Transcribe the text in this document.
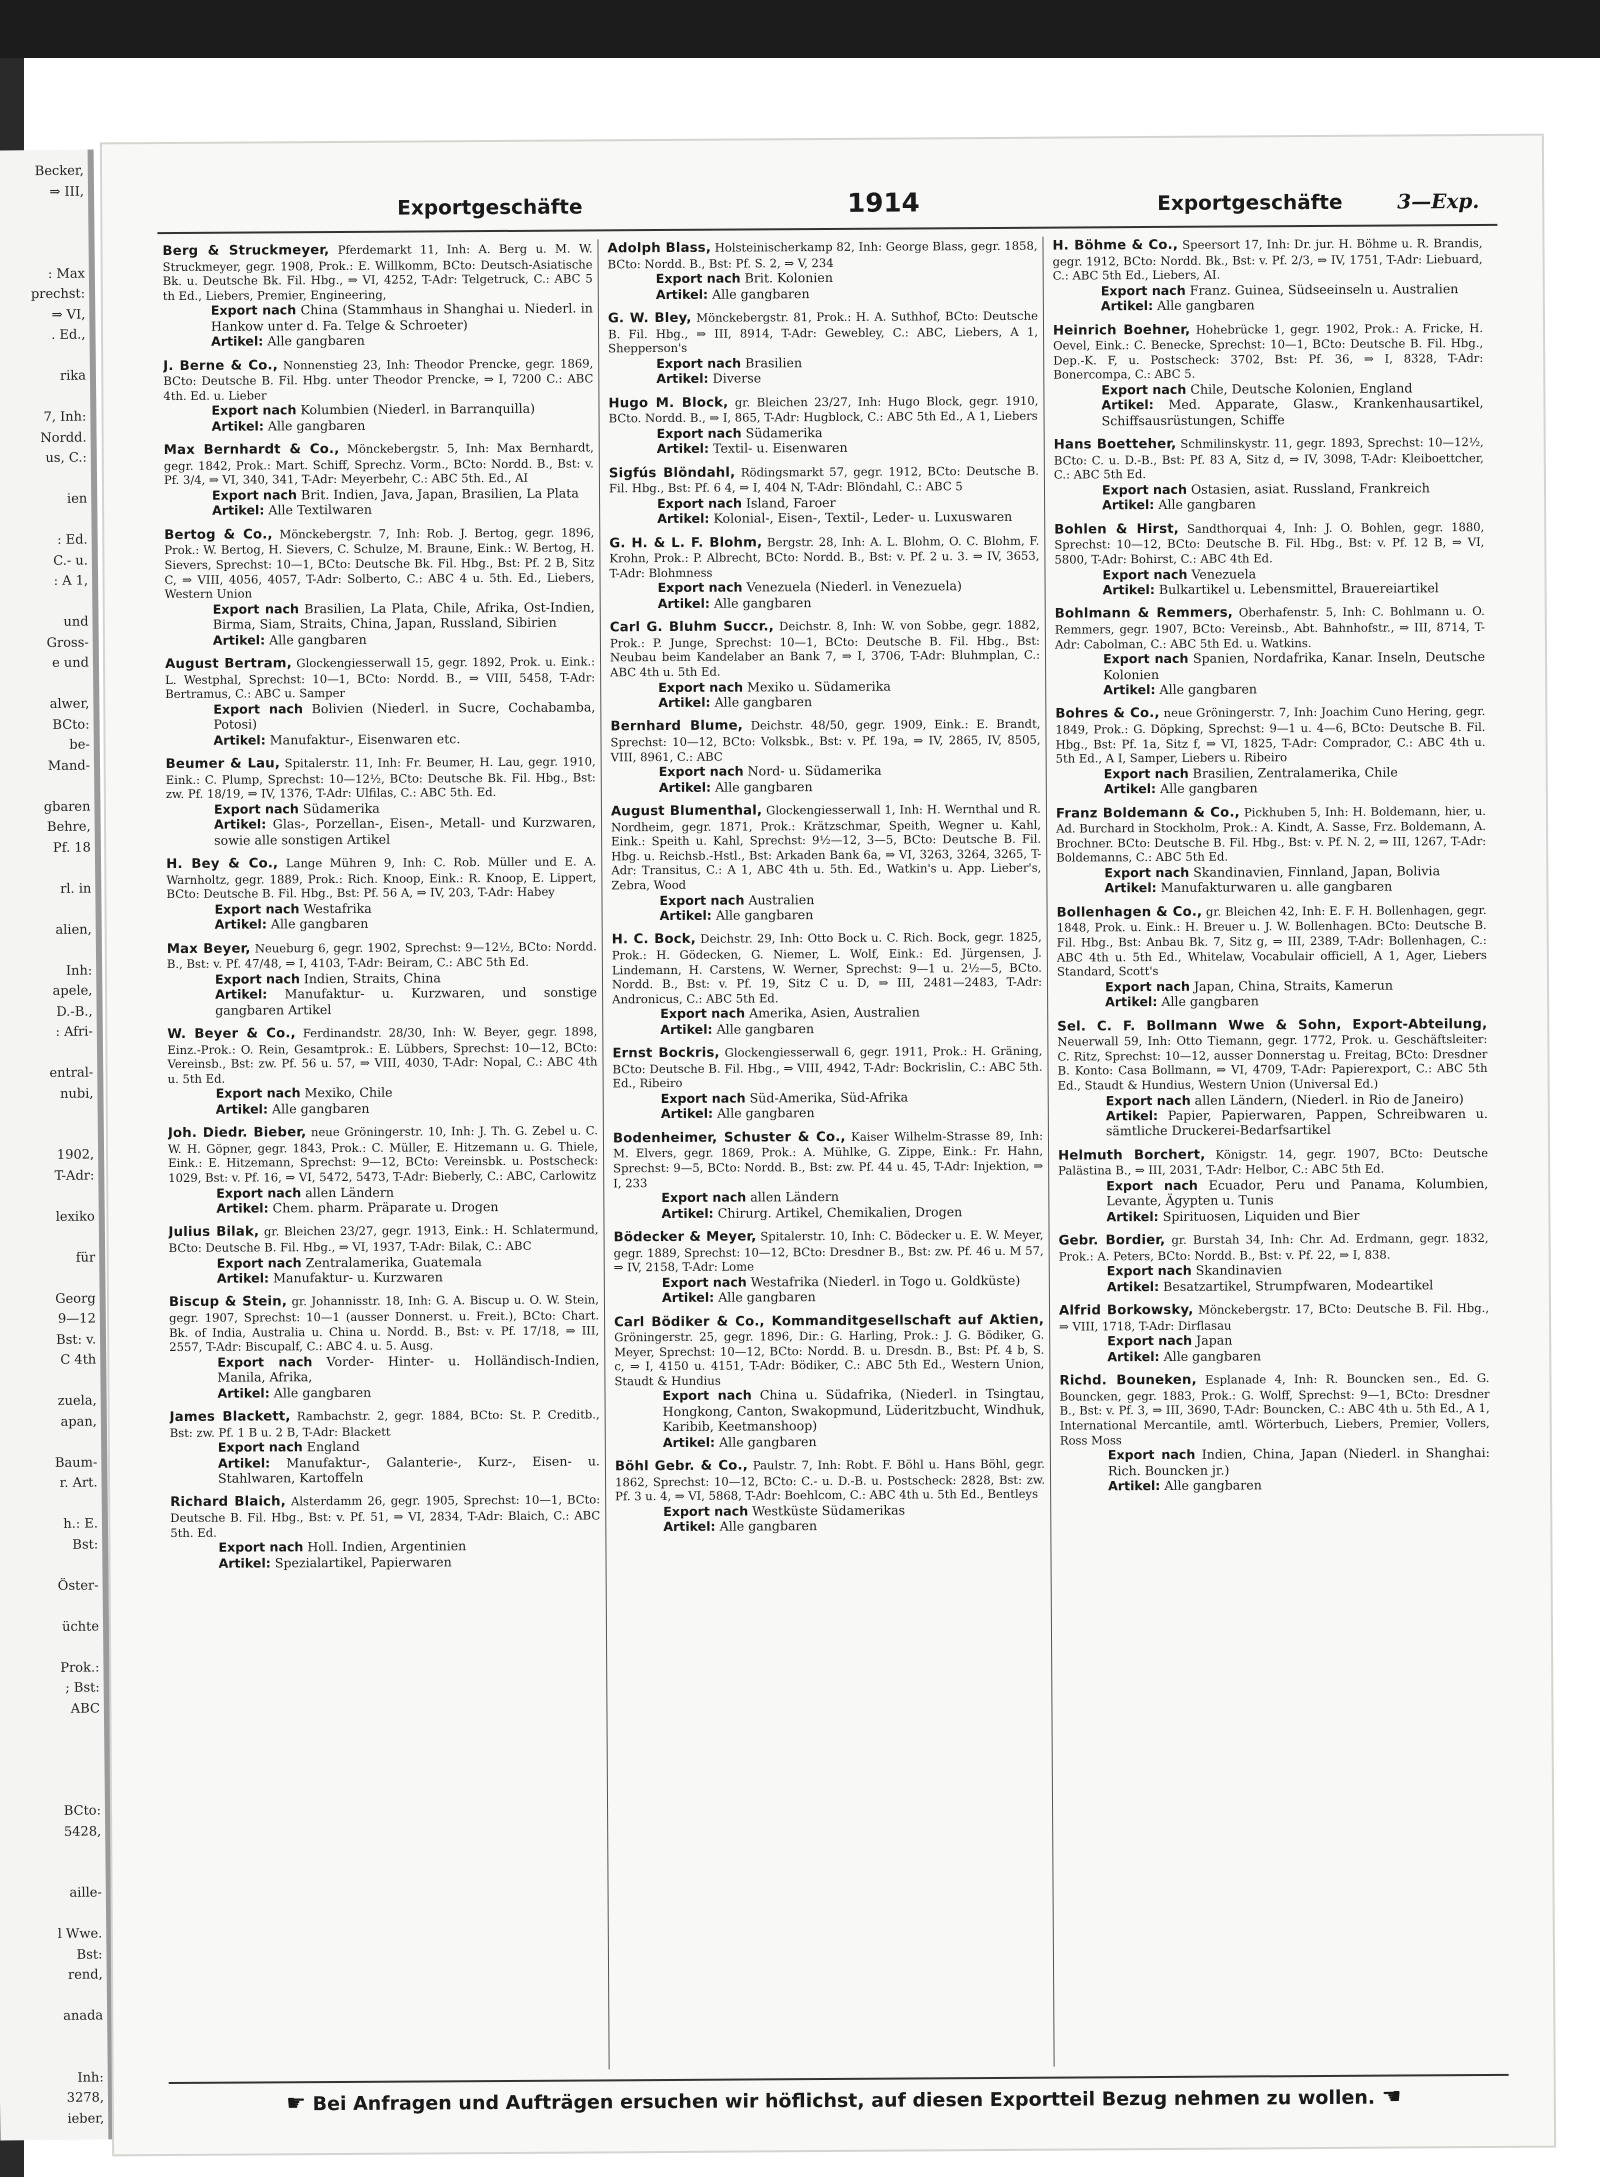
Becker,
⇒ III,
: Max
prechst:
⇒ VI,
. Ed.,
rika
7, Inh:
Nordd.
us, C.:
ien
: Ed.
C.- u.
: A 1,
und
Gross-
e und
alwer,
BCto:
be-
Mand-
gbaren
Behre,
Pf. 18
rl. in
alien,
Inh:
apele,
D.-B.,
: Afri-
entral-
nubi,
1902,
T-Adr:
lexiko
für
Georg
9—12
Bst: v.
C 4th
zuela,
apan,
Baum-
r. Art.
h.: E.
Bst:
Öster-
üchte
Prok.:
; Bst:
ABC
BCto:
5428,
aille-
l Wwe.
Bst:
rend,
anada
Inh:
3278,
ieber,
Exportgeschäfte	1914	Exportgeschäfte	3—Exp.
Berg & Struckmeyer, Pferdemarkt 11, Inh: A. Berg u. M. W. Struckmeyer, gegr. 1908, Prok.: E. Willkomm, BCto: Deutsch-Asiatische Bk. u. Deutsche Bk. Fil. Hbg., ⇒ VI, 4252, T-Adr: Telgetruck, C.: ABC 5 th Ed., Liebers, Premier, Engineering,
Export nach China (Stammhaus in Shanghai u. Niederl. in Hankow unter d. Fa. Telge & Schroeter)
Artikel: Alle gangbaren
J. Berne & Co., Nonnenstieg 23, Inh: Theodor Prencke, gegr. 1869, BCto: Deutsche B. Fil. Hbg. unter Theodor Prencke, ⇒ I, 7200 C.: ABC 4th. Ed. u. Lieber
Export nach Kolumbien (Niederl. in Barranquilla)
Artikel: Alle gangbaren
Max Bernhardt & Co., Mönckebergstr. 5, Inh: Max Bernhardt, gegr. 1842, Prok.: Mart. Schiff, Sprechz. Vorm., BCto: Nordd. B., Bst: v. Pf. 3/4, ⇒ VI, 340, 341, T-Adr: Meyerbehr, C.: ABC 5th. Ed., AI
Export nach Brit. Indien, Java, Japan, Brasilien, La Plata
Artikel: Alle Textilwaren
Bertog & Co., Mönckebergstr. 7, Inh: Rob. J. Bertog, gegr. 1896, Prok.: W. Bertog, H. Sievers, C. Schulze, M. Braune, Eink.: W. Bertog, H. Sievers, Sprechst: 10—1, BCto: Deutsche Bk. Fil. Hbg., Bst: Pf. 2 B, Sitz C, ⇒ VIII, 4056, 4057, T-Adr: Solberto, C.: ABC 4 u. 5th. Ed., Liebers, Western Union
Export nach Brasilien, La Plata, Chile, Afrika, Ost-Indien, Birma, Siam, Straits, China, Japan, Russland, Sibirien
Artikel: Alle gangbaren
August Bertram, Glockengiesserwall 15, gegr. 1892, Prok. u. Eink.: L. Westphal, Sprechst: 10—1, BCto: Nordd. B., ⇒ VIII, 5458, T-Adr: Bertramus, C.: ABC u. Samper
Export nach Bolivien (Niederl. in Sucre, Cochabamba, Potosi)
Artikel: Manufaktur-, Eisenwaren etc.
Beumer & Lau, Spitalerstr. 11, Inh: Fr. Beumer, H. Lau, gegr. 1910, Eink.: C. Plump, Sprechst: 10—12½, BCto: Deutsche Bk. Fil. Hbg., Bst: zw. Pf. 18/19, ⇒ IV, 1376, T-Adr: Ulfilas, C.: ABC 5th. Ed.
Export nach Südamerika
Artikel: Glas-, Porzellan-, Eisen-, Metall- und Kurzwaren, sowie alle sonstigen Artikel
H. Bey & Co., Lange Mühren 9, Inh: C. Rob. Müller und E. A. Warnholtz, gegr. 1889, Prok.: Rich. Knoop, Eink.: R. Knoop, E. Lippert, BCto: Deutsche B. Fil. Hbg., Bst: Pf. 56 A, ⇒ IV, 203, T-Adr: Habey
Export nach Westafrika
Artikel: Alle gangbaren
Max Beyer, Neueburg 6, gegr. 1902, Sprechst: 9—12½, BCto: Nordd. B., Bst: v. Pf. 47/48, ⇒ I, 4103, T-Adr: Beiram, C.: ABC 5th Ed.
Export nach Indien, Straits, China
Artikel: Manufaktur- u. Kurzwaren, und sonstige gangbaren Artikel
W. Beyer & Co., Ferdinandstr. 28/30, Inh: W. Beyer, gegr. 1898, Einz.-Prok.: O. Rein, Gesamtprok.: E. Lübbers, Sprechst: 10—12, BCto: Vereinsb., Bst: zw. Pf. 56 u. 57, ⇒ VIII, 4030, T-Adr: Nopal, C.: ABC 4th u. 5th Ed.
Export nach Mexiko, Chile
Artikel: Alle gangbaren
Joh. Diedr. Bieber, neue Gröningerstr. 10, Inh: J. Th. G. Zebel u. C. W. H. Göpner, gegr. 1843, Prok.: C. Müller, E. Hitzemann u. G. Thiele, Eink.: E. Hitzemann, Sprechst: 9—12, BCto: Vereinsbk. u. Postscheck: 1029, Bst: v. Pf. 16, ⇒ VI, 5472, 5473, T-Adr: Bieberly, C.: ABC, Carlowitz
Export nach allen Ländern
Artikel: Chem. pharm. Präparate u. Drogen
Julius Bilak, gr. Bleichen 23/27, gegr. 1913, Eink.: H. Schlatermund, BCto: Deutsche B. Fil. Hbg., ⇒ VI, 1937, T-Adr: Bilak, C.: ABC
Export nach Zentralamerika, Guatemala
Artikel: Manufaktur- u. Kurzwaren
Biscup & Stein, gr. Johannisstr. 18, Inh: G. A. Biscup u. O. W. Stein, gegr. 1907, Sprechst: 10—1 (ausser Donnerst. u. Freit.), BCto: Chart. Bk. of India, Australia u. China u. Nordd. B., Bst: v. Pf. 17/18, ⇒ III, 2557, T-Adr: Biscupalf, C.: ABC 4. u. 5. Ausg.
Export nach Vorder- Hinter- u. Holländisch-Indien, Manila, Afrika,
Artikel: Alle gangbaren
James Blackett, Rambachstr. 2, gegr. 1884, BCto: St. P. Creditb., Bst: zw. Pf. 1 B u. 2 B, T-Adr: Blackett
Export nach England
Artikel: Manufaktur-, Galanterie-, Kurz-, Eisen- u. Stahlwaren, Kartoffeln
Richard Blaich, Alsterdamm 26, gegr. 1905, Sprechst: 10—1, BCto: Deutsche B. Fil. Hbg., Bst: v. Pf. 51, ⇒ VI, 2834, T-Adr: Blaich, C.: ABC 5th. Ed.
Export nach Holl. Indien, Argentinien
Artikel: Spezialartikel, Papierwaren
Adolph Blass, Holsteinischerkamp 82, Inh: George Blass, gegr. 1858, BCto: Nordd. B., Bst: Pf. S. 2, ⇒ V, 234
Export nach Brit. Kolonien
Artikel: Alle gangbaren
G. W. Bley, Mönckebergstr. 81, Prok.: H. A. Suthhof, BCto: Deutsche B. Fil. Hbg., ⇒ III, 8914, T-Adr: Gewebley, C.: ABC, Liebers, A 1, Shepperson's
Export nach Brasilien
Artikel: Diverse
Hugo M. Block, gr. Bleichen 23/27, Inh: Hugo Block, gegr. 1910, BCto. Nordd. B., ⇒ I, 865, T-Adr: Hugblock, C.: ABC 5th Ed., A 1, Liebers
Export nach Südamerika
Artikel: Textil- u. Eisenwaren
Sigfús Blöndahl, Rödingsmarkt 57, gegr. 1912, BCto: Deutsche B. Fil. Hbg., Bst: Pf. 6 4, ⇒ I, 404 N, T-Adr: Blöndahl, C.: ABC 5
Export nach Island, Faroer
Artikel: Kolonial-, Eisen-, Textil-, Leder- u. Luxuswaren
G. H. & L. F. Blohm, Bergstr. 28, Inh: A. L. Blohm, O. C. Blohm, F. Krohn, Prok.: P. Albrecht, BCto: Nordd. B., Bst: v. Pf. 2 u. 3. ⇒ IV, 3653, T-Adr: Blohmness
Export nach Venezuela (Niederl. in Venezuela)
Artikel: Alle gangbaren
Carl G. Bluhm Succr., Deichstr. 8, Inh: W. von Sobbe, gegr. 1882, Prok.: P. Junge, Sprechst: 10—1, BCto: Deutsche B. Fil. Hbg., Bst: Neubau beim Kandelaber an Bank 7, ⇒ I, 3706, T-Adr: Bluhmplan, C.: ABC 4th u. 5th Ed.
Export nach Mexiko u. Südamerika
Artikel: Alle gangbaren
Bernhard Blume, Deichstr. 48/50, gegr. 1909, Eink.: E. Brandt, Sprechst: 10—12, BCto: Volksbk., Bst: v. Pf. 19a, ⇒ IV, 2865, IV, 8505, VIII, 8961, C.: ABC
Export nach Nord- u. Südamerika
Artikel: Alle gangbaren
August Blumenthal, Glockengiesserwall 1, Inh: H. Wernthal und R. Nordheim, gegr. 1871, Prok.: Krätzschmar, Speith, Wegner u. Kahl, Eink.: Speith u. Kahl, Sprechst: 9½—12, 3—5, BCto: Deutsche B. Fil. Hbg. u. Reichsb.-Hstl., Bst: Arkaden Bank 6a, ⇒ VI, 3263, 3264, 3265, T-Adr: Transitus, C.: A 1, ABC 4th u. 5th. Ed., Watkin's u. App. Lieber's, Zebra, Wood
Export nach Australien
Artikel: Alle gangbaren
H. C. Bock, Deichstr. 29, Inh: Otto Bock u. C. Rich. Bock, gegr. 1825, Prok.: H. Gödecken, G. Niemer, L. Wolf, Eink.: Ed. Jürgensen, J. Lindemann, H. Carstens, W. Werner, Sprechst: 9—1 u. 2½—5, BCto. Nordd. B., Bst: v. Pf. 19, Sitz C u. D, ⇒ III, 2481—2483, T-Adr: Andronicus, C.: ABC 5th Ed.
Export nach Amerika, Asien, Australien
Artikel: Alle gangbaren
Ernst Bockris, Glockengiesserwall 6, gegr. 1911, Prok.: H. Gräning, BCto: Deutsche B. Fil. Hbg., ⇒ VIII, 4942, T-Adr: Bockrislin, C.: ABC 5th. Ed., Ribeiro
Export nach Süd-Amerika, Süd-Afrika
Artikel: Alle gangbaren
Bodenheimer, Schuster & Co., Kaiser Wilhelm-Strasse 89, Inh: M. Elvers, gegr. 1869, Prok.: A. Mühlke, G. Zippe, Eink.: Fr. Hahn, Sprechst: 9—5, BCto: Nordd. B., Bst: zw. Pf. 44 u. 45, T-Adr: Injektion, ⇒ I, 233
Export nach allen Ländern
Artikel: Chirurg. Artikel, Chemikalien, Drogen
Bödecker & Meyer, Spitalerstr. 10, Inh: C. Bödecker u. E. W. Meyer, gegr. 1889, Sprechst: 10—12, BCto: Dresdner B., Bst: zw. Pf. 46 u. M 57, ⇒ IV, 2158, T-Adr: Lome
Export nach Westafrika (Niederl. in Togo u. Goldküste)
Artikel: Alle gangbaren
Carl Bödiker & Co., Kommanditgesellschaft auf Aktien, Gröningerstr. 25, gegr. 1896, Dir.: G. Harling, Prok.: J. G. Bödiker, G. Meyer, Sprechst: 10—12, BCto: Nordd. B. u. Dresdn. B., Bst: Pf. 4 b, S. c, ⇒ I, 4150 u. 4151, T-Adr: Bödiker, C.: ABC 5th Ed., Western Union, Staudt & Hundius
Export nach China u. Südafrika, (Niederl. in Tsingtau, Hongkong, Canton, Swakopmund, Lüderitzbucht, Windhuk, Karibib, Keetmanshoop)
Artikel: Alle gangbaren
Böhl Gebr. & Co., Paulstr. 7, Inh: Robt. F. Böhl u. Hans Böhl, gegr. 1862, Sprechst: 10—12, BCto: C.- u. D.-B. u. Postscheck: 2828, Bst: zw. Pf. 3 u. 4, ⇒ VI, 5868, T-Adr: Boehlcom, C.: ABC 4th u. 5th Ed., Bentleys
Export nach Westküste Südamerikas
Artikel: Alle gangbaren
H. Böhme & Co., Speersort 17, Inh: Dr. jur. H. Böhme u. R. Brandis, gegr. 1912, BCto: Nordd. Bk., Bst: v. Pf. 2/3, ⇒ IV, 1751, T-Adr: Liebuard, C.: ABC 5th Ed., Liebers, AI.
Export nach Franz. Guinea, Südseeinseln u. Australien
Artikel: Alle gangbaren
Heinrich Boehner, Hohebrücke 1, gegr. 1902, Prok.: A. Fricke, H. Oevel, Eink.: C. Benecke, Sprechst: 10—1, BCto: Deutsche B. Fil. Hbg., Dep.-K. F, u. Postscheck: 3702, Bst: Pf. 36, ⇒ I, 8328, T-Adr: Bonercompa, C.: ABC 5.
Export nach Chile, Deutsche Kolonien, England
Artikel: Med. Apparate, Glasw., Krankenhausartikel, Schiffsausrüstungen, Schiffe
Hans Boetteher, Schmilinskystr. 11, gegr. 1893, Sprechst: 10—12½, BCto: C. u. D.-B., Bst: Pf. 83 A, Sitz d, ⇒ IV, 3098, T-Adr: Kleiboettcher, C.: ABC 5th Ed.
Export nach Ostasien, asiat. Russland, Frankreich
Artikel: Alle gangbaren
Bohlen & Hirst, Sandthorquai 4, Inh: J. O. Bohlen, gegr. 1880, Sprechst: 10—12, BCto: Deutsche B. Fil. Hbg., Bst: v. Pf. 12 B, ⇒ VI, 5800, T-Adr: Bohirst, C.: ABC 4th Ed.
Export nach Venezuela
Artikel: Bulkartikel u. Lebensmittel, Brauereiartikel
Bohlmann & Remmers, Oberhafenstr. 5, Inh: C. Bohlmann u. O. Remmers, gegr. 1907, BCto: Vereinsb., Abt. Bahnhofstr., ⇒ III, 8714, T-Adr: Cabolman, C.: ABC 5th Ed. u. Watkins.
Export nach Spanien, Nordafrika, Kanar. Inseln, Deutsche Kolonien
Artikel: Alle gangbaren
Bohres & Co., neue Gröningerstr. 7, Inh: Joachim Cuno Hering, gegr. 1849, Prok.: G. Döpking, Sprechst: 9—1 u. 4—6, BCto: Deutsche B. Fil. Hbg., Bst: Pf. 1a, Sitz f, ⇒ VI, 1825, T-Adr: Comprador, C.: ABC 4th u. 5th Ed., A I, Samper, Liebers u. Ribeiro
Export nach Brasilien, Zentralamerika, Chile
Artikel: Alle gangbaren
Franz Boldemann & Co., Pickhuben 5, Inh: H. Boldemann, hier, u. Ad. Burchard in Stockholm, Prok.: A. Kindt, A. Sasse, Frz. Boldemann, A. Brochner. BCto: Deutsche B. Fil. Hbg., Bst: v. Pf. N. 2, ⇒ III, 1267, T-Adr: Boldemanns, C.: ABC 5th Ed.
Export nach Skandinavien, Finnland, Japan, Bolivia
Artikel: Manufakturwaren u. alle gangbaren
Bollenhagen & Co., gr. Bleichen 42, Inh: E. F. H. Bollenhagen, gegr. 1848, Prok. u. Eink.: H. Breuer u. J. W. Bollenhagen. BCto: Deutsche B. Fil. Hbg., Bst: Anbau Bk. 7, Sitz g, ⇒ III, 2389, T-Adr: Bollenhagen, C.: ABC 4th u. 5th Ed., Whitelaw, Vocabulair officiell, A 1, Ager, Liebers Standard, Scott's
Export nach Japan, China, Straits, Kamerun
Artikel: Alle gangbaren
Sel. C. F. Bollmann Wwe & Sohn, Export-Abteilung, Neuerwall 59, Inh: Otto Tiemann, gegr. 1772, Prok. u. Geschäftsleiter: C. Ritz, Sprechst: 10—12, ausser Donnerstag u. Freitag, BCto: Dresdner B. Konto: Casa Bollmann, ⇒ VI, 4709, T-Adr: Papierexport, C.: ABC 5th Ed., Staudt & Hundius, Western Union (Universal Ed.)
Export nach allen Ländern, (Niederl. in Rio de Janeiro)
Artikel: Papier, Papierwaren, Pappen, Schreibwaren u. sämtliche Druckerei-Bedarfsartikel
Helmuth Borchert, Königstr. 14, gegr. 1907, BCto: Deutsche Palästina B., ⇒ III, 2031, T-Adr: Helbor, C.: ABC 5th Ed.
Export nach Ecuador, Peru und Panama, Kolumbien, Levante, Ägypten u. Tunis
Artikel: Spirituosen, Liquiden und Bier
Gebr. Bordier, gr. Burstah 34, Inh: Chr. Ad. Erdmann, gegr. 1832, Prok.: A. Peters, BCto: Nordd. B., Bst: v. Pf. 22, ⇒ I, 838.
Export nach Skandinavien
Artikel: Besatzartikel, Strumpfwaren, Modeartikel
Alfrid Borkowsky, Mönckebergstr. 17, BCto: Deutsche B. Fil. Hbg., ⇒ VIII, 1718, T-Adr: Dirflasau
Export nach Japan
Artikel: Alle gangbaren
Richd. Bouneken, Esplanade 4, Inh: R. Bouncken sen., Ed. G. Bouncken, gegr. 1883, Prok.: G. Wolff, Sprechst: 9—1, BCto: Dresdner B., Bst: v. Pf. 3, ⇒ III, 3690, T-Adr: Bouncken, C.: ABC 4th u. 5th Ed., A 1, International Mercantile, amtl. Wörterbuch, Liebers, Premier, Vollers, Ross Moss
Export nach Indien, China, Japan (Niederl. in Shanghai: Rich. Bouncken jr.)
Artikel: Alle gangbaren
☛ Bei Anfragen und Aufträgen ersuchen wir höflichst, auf diesen Exportteil Bezug nehmen zu wollen. ☚
